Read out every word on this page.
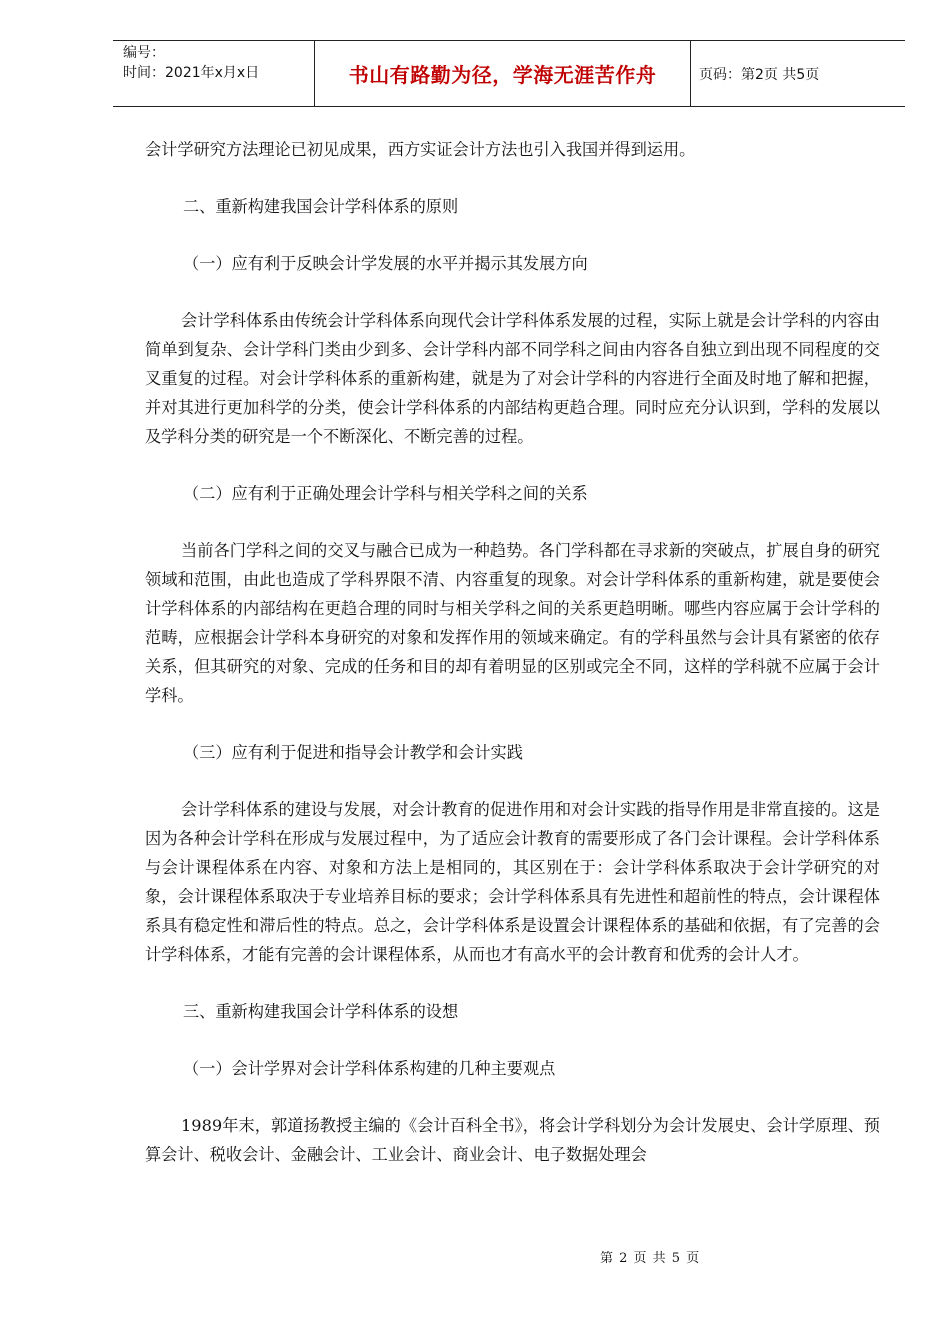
编号：
时间：2021年x月x日	书山有路勤为径，学海无涯苦作舟	页码：第2页 共5页

会计学研究方法理论已初见成果，西方实证会计方法也引入我国并得到运用。

二、重新构建我国会计学科体系的原则

（一）应有利于反映会计学发展的水平并揭示其发展方向

会计学科体系由传统会计学科体系向现代会计学科体系发展的过程，实际上就是会计学科的内容由简单到复杂、会计学科门类由少到多、会计学科内部不同学科之间由内容各自独立到出现不同程度的交叉重复的过程。对会计学科体系的重新构建，就是为了对会计学科的内容进行全面及时地了解和把握，并对其进行更加科学的分类，使会计学科体系的内部结构更趋合理。同时应充分认识到，学科的发展以及学科分类的研究是一个不断深化、不断完善的过程。

（二）应有利于正确处理会计学科与相关学科之间的关系

当前各门学科之间的交叉与融合已成为一种趋势。各门学科都在寻求新的突破点，扩展自身的研究领域和范围，由此也造成了学科界限不清、内容重复的现象。对会计学科体系的重新构建，就是要使会计学科体系的内部结构在更趋合理的同时与相关学科之间的关系更趋明晰。哪些内容应属于会计学科的范畴，应根据会计学科本身研究的对象和发挥作用的领域来确定。有的学科虽然与会计具有紧密的依存关系，但其研究的对象、完成的任务和目的却有着明显的区别或完全不同，这样的学科就不应属于会计学科。

（三）应有利于促进和指导会计教学和会计实践

会计学科体系的建设与发展，对会计教育的促进作用和对会计实践的指导作用是非常直接的。这是因为各种会计学科在形成与发展过程中，为了适应会计教育的需要形成了各门会计课程。会计学科体系与会计课程体系在内容、对象和方法上是相同的，其区别在于：会计学科体系取决于会计学研究的对象，会计课程体系取决于专业培养目标的要求；会计学科体系具有先进性和超前性的特点，会计课程体系具有稳定性和滞后性的特点。总之，会计学科体系是设置会计课程体系的基础和依据，有了完善的会计学科体系，才能有完善的会计课程体系，从而也才有高水平的会计教育和优秀的会计人才。

三、重新构建我国会计学科体系的设想

（一）会计学界对会计学科体系构建的几种主要观点

1989年末，郭道扬教授主编的《会计百科全书》，将会计学科划分为会计发展史、会计学原理、预算会计、税收会计、金融会计、工业会计、商业会计、电子数据处理会

第 2 页 共 5 页
